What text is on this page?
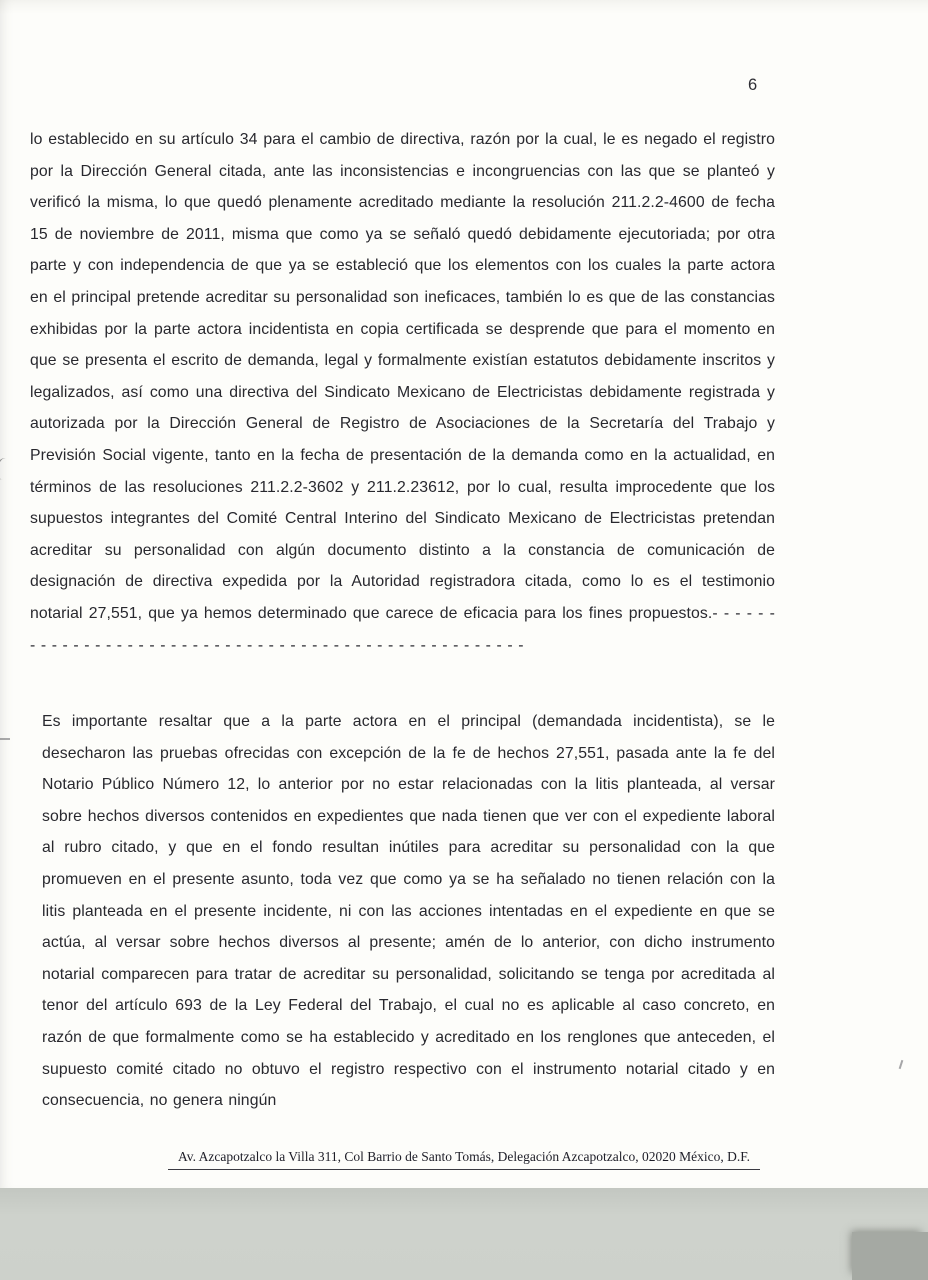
6

lo establecido en su artículo 34 para el cambio de directiva, razón por la cual, le es negado el registro por la Dirección General citada, ante las inconsistencias e incongruencias con las que se planteó y verificó la misma, lo que quedó plenamente acreditado mediante la resolución 211.2.2-4600 de fecha 15 de noviembre de 2011, misma que como ya se señaló quedó debidamente ejecutoriada; por otra parte y con independencia de que ya se estableció que los elementos con los cuales la parte actora en el principal pretende acreditar su personalidad son ineficaces, también lo es que de las constancias exhibidas por la parte actora incidentista en copia certificada se desprende que para el momento en que se presenta el escrito de demanda, legal y formalmente existían estatutos debidamente inscritos y legalizados, así como una directiva del Sindicato Mexicano de Electricistas debidamente registrada y autorizada por la Dirección General de Registro de Asociaciones de la Secretaría del Trabajo y Previsión Social vigente, tanto en la fecha de presentación de la demanda como en la actualidad, en términos de las resoluciones 211.2.2-3602 y 211.2.23612, por lo cual, resulta improcedente que los supuestos integrantes del Comité Central Interino del Sindicato Mexicano de Electricistas pretendan acreditar su personalidad con algún documento distinto a la constancia de comunicación de designación de directiva expedida por la Autoridad registradora citada, como lo es el testimonio notarial 27,551, que ya hemos determinado que carece de eficacia para los fines propuestos.- - - - - - - - - - - - - - - - - - - - - - - - - - - - - - - - - - - - - - - - - - - - - - - - - - - -

Es importante resaltar que a la parte actora en el principal (demandada incidentista), se le desecharon las pruebas ofrecidas con excepción de la fe de hechos 27,551, pasada ante la fe del Notario Público Número 12, lo anterior por no estar relacionadas con la litis planteada, al versar sobre hechos diversos contenidos en expedientes que nada tienen que ver con el expediente laboral al rubro citado, y que en el fondo resultan inútiles para acreditar su personalidad con la que promueven en el presente asunto, toda vez que como ya se ha señalado no tienen relación con la litis planteada en el presente incidente, ni con las acciones intentadas en el expediente en que se actúa, al versar sobre hechos diversos al presente; amén de lo anterior, con dicho instrumento notarial comparecen para tratar de acreditar su personalidad, solicitando se tenga por acreditada al tenor del artículo 693 de la Ley Federal del Trabajo, el cual no es aplicable al caso concreto, en razón de que formalmente como se ha establecido y acreditado en los renglones que anteceden, el supuesto comité citado no obtuvo el registro respectivo con el instrumento notarial citado y en consecuencia, no genera ningún

Av. Azcapotzalco la Villa 311, Col Barrio de Santo Tomás, Delegación Azcapotzalco, 02020 México, D.F.
